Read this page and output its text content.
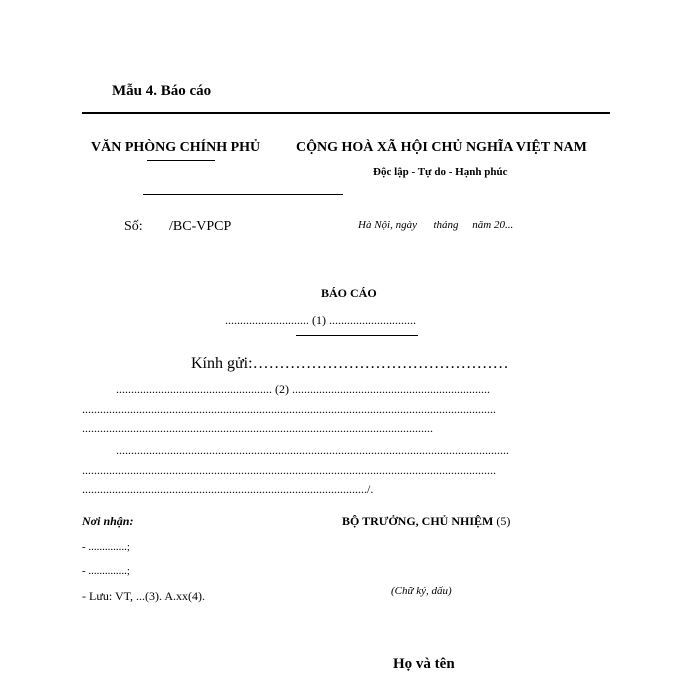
Mẫu 4. Báo cáo
VĂN PHÒNG CHÍNH PHỦ	CỘNG HOÀ XÃ HỘI CHỦ NGHĨA VIỆT NAM
Độc lập - Tự do - Hạnh phúc
Số: /BC-VPCP	Hà Nội, ngày      tháng     năm 20...
BÁO CÁO
............................ (1) .............................
Kính gửi:…………………………………………
.................................................... (2) ..................................................................
..........................................................................................................................................
.....................................................................................................................
...................................................................................................................................
..........................................................................................................................................
.............................................................................................../.
Nơi nhận:
- ..............;
- ..............;
- Lưu: VT, ...(3). A.xx(4).
BỘ TRƯỞNG, CHỦ NHIỆM (5)
(Chữ ký, dấu)
Họ và tên
